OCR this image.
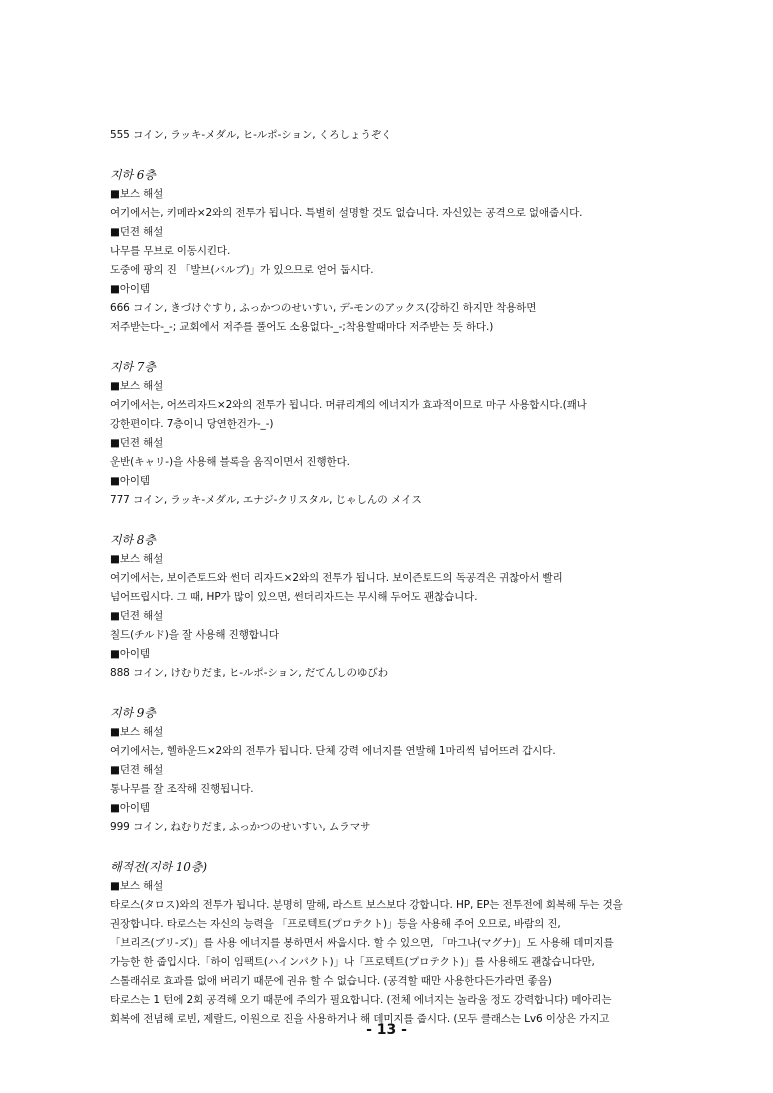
555 コイン, ラッキ-メダル, ヒ-ルポ-ション, くろしょうぞく
지하 6층
■보스 해설
여기에서는, 키메라×2와의 전투가 됩니다. 특별히 설명할 것도 없습니다. 자신있는 공격으로 없애줍시다.
■던젼 해설
나무를 무브로 이동시킨다.
도중에 팡의 진 「발브(バルブ)」가 있으므로 얻어 둡시다.
■아이템
666 コイン, きづけぐすり, ふっかつのせいすい, デ-モンのアックス(강하긴 하지만 착용하면
저주받는다-_-; 교회에서 저주를 풀어도 소용없다-_-;착용할때마다 저주받는 듯 하다.)
지하 7층
■보스 해설
여기에서는, 어쓰리자드×2와의 전투가 됩니다. 머큐리계의 에너지가 효과적이므로 마구 사용합시다.(꽤나
강한편이다. 7층이니 당연한건가-_-)
■던젼 해설
운반(キャリ-)을 사용해 블록을 움직이면서 진행한다.
■아이템
777 コイン, ラッキ-メダル, エナジ-クリスタル, じゃしんの メイス
지하 8층
■보스 해설
여기에서는, 보이즌토드와 썬더 리자드×2와의 전투가 됩니다. 보이즌토드의 독공격은 귀찮아서 빨리
넘어뜨립시다. 그 때, HP가 많이 있으면, 썬더리자드는 무시해 두어도 괜찮습니다.
■던젼 해설
칠드(チルド)을 잘 사용해 진행합니다
■아이템
888 コイン, けむりだま, ヒ-ルポ-ション, だてんしのゆびわ
지하 9층
■보스 해설
여기에서는, 헬하운드×2와의 전투가 됩니다. 단체 강력 에너지를 연발해 1마리씩 넘어뜨려 갑시다.
■던젼 해설
통나무를 잘 조작해 진행됩니다.
■아이템
999 コイン, ねむりだま, ふっかつのせいすい, ムラマサ
해적전(지하 10층)
■보스 해설
타로스(タロス)와의 전투가 됩니다. 분명히 말해, 라스트 보스보다 강합니다. HP, EP는 전투전에 회복해 두는 것을
권장합니다. 타로스는 자신의 능력을 「프로텍트(プロテクト)」등을 사용해 주어 오므로, 바람의 진,
「브리즈(ブリ-ズ)」를 사용 에너지를 봉하면서 싸웁시다. 할 수 있으면, 「마그나(マグナ)」도 사용해 데미지를
가능한 한 줍입시다.「하이 임팩트(ハインパクト)」나「프로텍트(プロテクト)」를 사용해도 괜찮습니다만,
스톨래쉬로 효과를 없애 버리기 때문에 권유 할 수 없습니다. (공격할 때만 사용한다든가라면 좋음)
타로스는 1 턴에 2회 공격해 오기 때문에 주의가 필요합니다. (전체 에너지는 놀라울 정도 강력합니다) 메아리는
회복에 전념해 로빈, 제랄드, 이원으로 진을 사용하거나 해 데미지를 줍시다. (모두 클래스는 Lv6 이상은 가지고
- 13 -
